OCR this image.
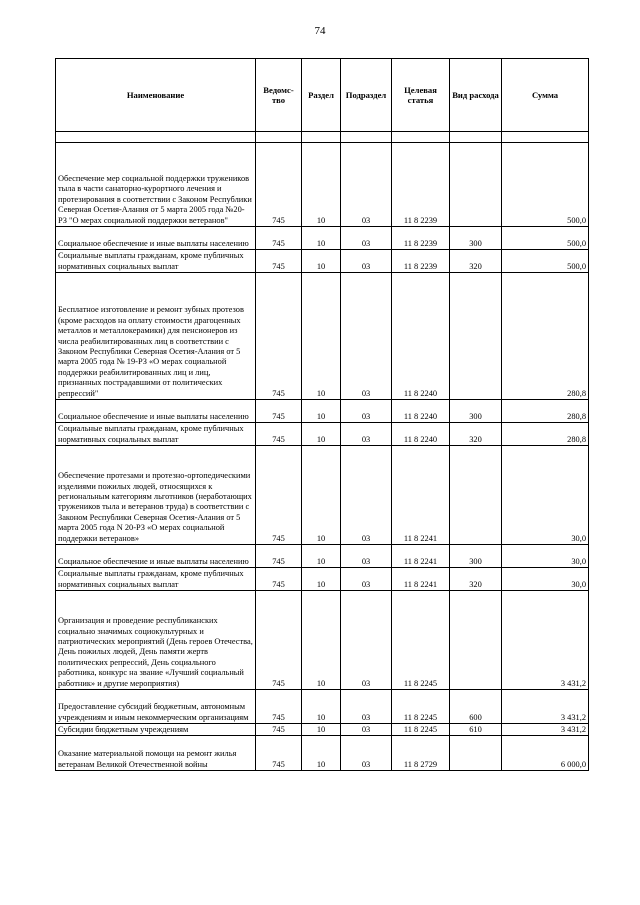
74
Наименование	Ведомс-тво	Раздел	Подраздел	Целевая статья	Вид расхода	Сумма

Обеспечение мер социальной поддержки тружеников тыла в части санаторно-курортного лечения и протезирования в соответствии с Законом Республики Северная Осетия-Алания от 5 марта 2005 года №20-РЗ "О мерах социальной поддержки ветеранов"	745	10	03	11 8 2239		500,0
Социальное обеспечение и иные выплаты населению	745	10	03	11 8 2239	300	500,0
Социальные выплаты гражданам, кроме публичных нормативных социальных выплат	745	10	03	11 8 2239	320	500,0
Бесплатное изготовление и ремонт зубных протезов (кроме расходов на оплату стоимости драгоценных металлов и металлокерамики) для пенсионеров из числа реабилитированных лиц в соответствии с Законом Республики Северная Осетия-Алания от 5 марта 2005 года № 19-РЗ «О мерах социальной поддержки реабилитированных лиц и лиц, признанных пострадавшими от политических репрессий"	745	10	03	11 8 2240		280,8
Социальное обеспечение и иные выплаты населению	745	10	03	11 8 2240	300	280,8
Социальные выплаты гражданам, кроме публичных нормативных социальных выплат	745	10	03	11 8 2240	320	280,8
Обеспечение протезами и протезно-ортопедическими изделиями пожилых людей, относящихся к региональным категориям льготников (неработающих тружеников тыла и ветеранов труда) в соответствии с Законом Республики Северная Осетия-Алания от 5 марта 2005 года N 20-РЗ «О мерах социальной поддержки ветеранов»	745	10	03	11 8 2241		30,0
Социальное обеспечение и иные выплаты населению	745	10	03	11 8 2241	300	30,0
Социальные выплаты гражданам, кроме публичных нормативных социальных выплат	745	10	03	11 8 2241	320	30,0
Организация и проведение республиканских социально значимых социокультурных и патриотических мероприятий (День героев Отечества, День пожилых людей, День памяти жертв политических репрессий, День социального работника, конкурс на звание «Лучший социальный работник» и другие мероприятия)	745	10	03	11 8 2245		3 431,2
Предоставление субсидий бюджетным, автономным учреждениям и иным некоммерческим организациям	745	10	03	11 8 2245	600	3 431,2
Субсидии бюджетным учреждениям	745	10	03	11 8 2245	610	3 431,2
Оказание материальной помощи на ремонт жилья ветеранам Великой Отечественной войны	745	10	03	11 8 2729		6 000,0
